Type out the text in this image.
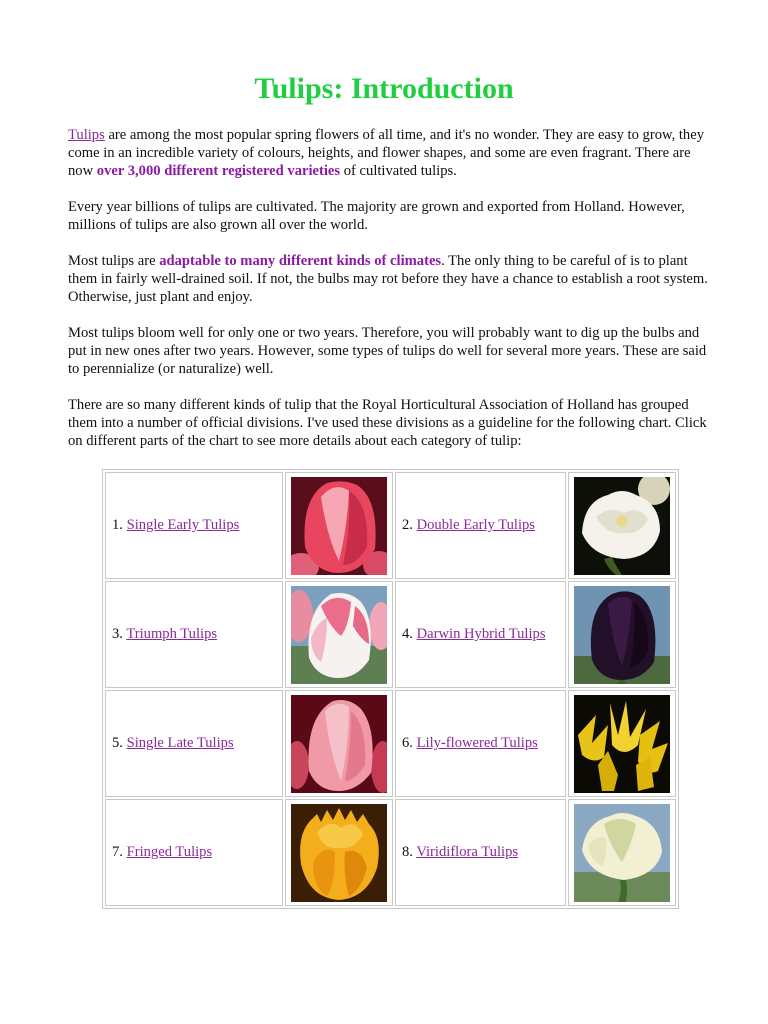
Tulips: Introduction

Tulips are among the most popular spring flowers of all time, and it's no wonder. They are easy to grow, they come in an incredible variety of colours, heights, and flower shapes, and some are even fragrant. There are now over 3,000 different registered varieties of cultivated tulips.

Every year billions of tulips are cultivated. The majority are grown and exported from Holland. However, millions of tulips are also grown all over the world.

Most tulips are adaptable to many different kinds of climates. The only thing to be careful of is to plant them in fairly well-drained soil. If not, the bulbs may rot before they have a chance to establish a root system. Otherwise, just plant and enjoy.

Most tulips bloom well for only one or two years. Therefore, you will probably want to dig up the bulbs and put in new ones after two years. However, some types of tulips do well for several more years. These are said to perennialize (or naturalize) well.

There are so many different kinds of tulip that the Royal Horticultural Association of Holland has grouped them into a number of official divisions. I've used these divisions as a guideline for the following chart. Click on different parts of the chart to see more details about each category of tulip:

1. Single Early Tulips		2. Double Early Tulips	

3. Triumph Tulips		4. Darwin Hybrid Tulips	

5. Single Late Tulips		6. Lily-flowered Tulips	

7. Fringed Tulips		8. Viridiflora Tulips	
